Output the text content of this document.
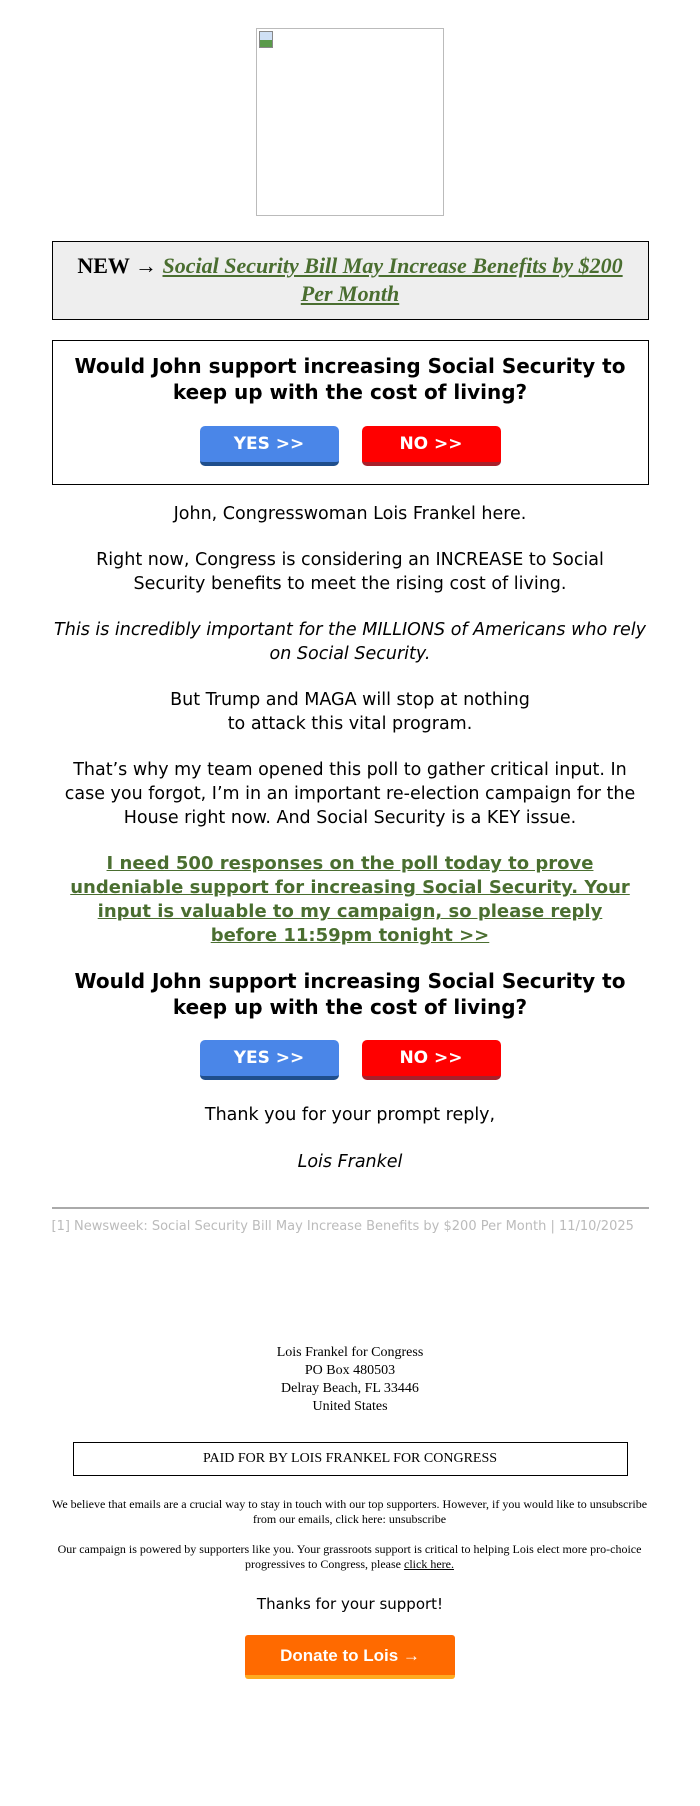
NEW → Social Security Bill May Increase Benefits by $200 Per Month
Would John support increasing Social Security to keep up with the cost of living?
YES >>	NO >>

John, Congresswoman Lois Frankel here.

Right now, Congress is considering an INCREASE to Social Security benefits to meet the rising cost of living.

This is incredibly important for the MILLIONS of Americans who rely on Social Security.

But Trump and MAGA will stop at nothing to attack this vital program.

That’s why my team opened this poll to gather critical input. In case you forgot, I’m in an important re-election campaign for the House right now. And Social Security is a KEY issue.

I need 500 responses on the poll today to prove undeniable support for increasing Social Security. Your input is valuable to my campaign, so please reply before 11:59pm tonight >>
Would John support increasing Social Security to keep up with the cost of living?
YES >>	NO >>

Thank you for your prompt reply,

Lois Frankel

[1] Newsweek: Social Security Bill May Increase Benefits by $200 Per Month | 11/10/2025
Lois Frankel for Congress
PO Box 480503
Delray Beach, FL 33446
United States
PAID FOR BY LOIS FRANKEL FOR CONGRESS
We believe that emails are a crucial way to stay in touch with our top supporters. However, if you would like to unsubscribe from our emails, click here: unsubscribe
Our campaign is powered by supporters like you. Your grassroots support is critical to helping Lois elect more pro-choice progressives to Congress, please click here.

Thanks for your support!

Donate to Lois →
